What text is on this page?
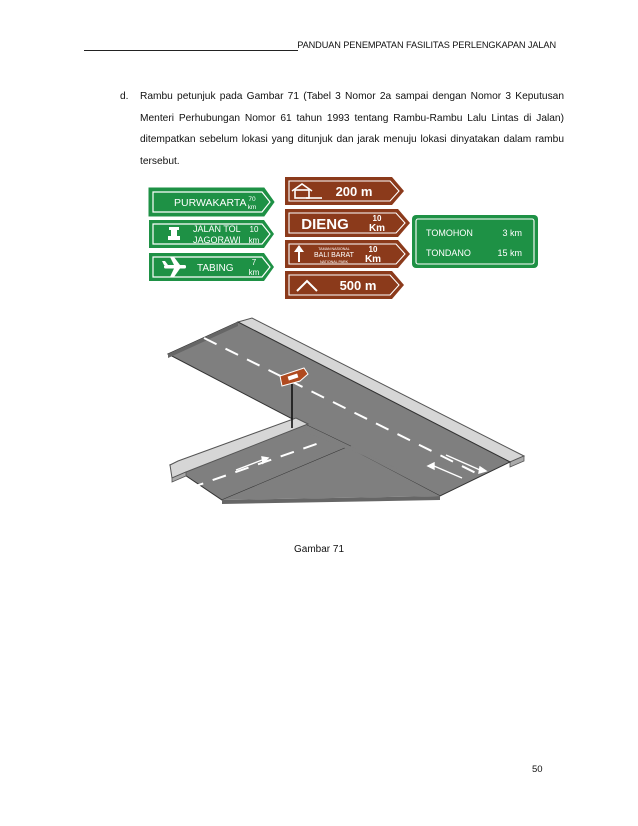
PANDUAN PENEMPATAN FASILITAS PERLENGKAPAN JALAN
d. Rambu petunjuk pada Gambar 71 (Tabel 3 Nomor 2a sampai dengan Nomor 3 Keputusan Menteri Perhubungan Nomor 61 tahun 1993 tentang Rambu-Rambu Lalu Lintas di Jalan) ditempatkan sebelum lokasi yang ditunjuk dan jarak menuju lokasi dinyatakan dalam rambu tersebut.
PURWAKARTA 70
km
JALAN TOL
JAGORAWI
10
km
TABING
7
km
200 m
DIENG	10
Km
TAMAN NASIONAL
BALI BARAT
NATIONAL PARK
10
Km
500 m
TOMOHON	3 km
TONDANO	15 km
Gambar 71
50
